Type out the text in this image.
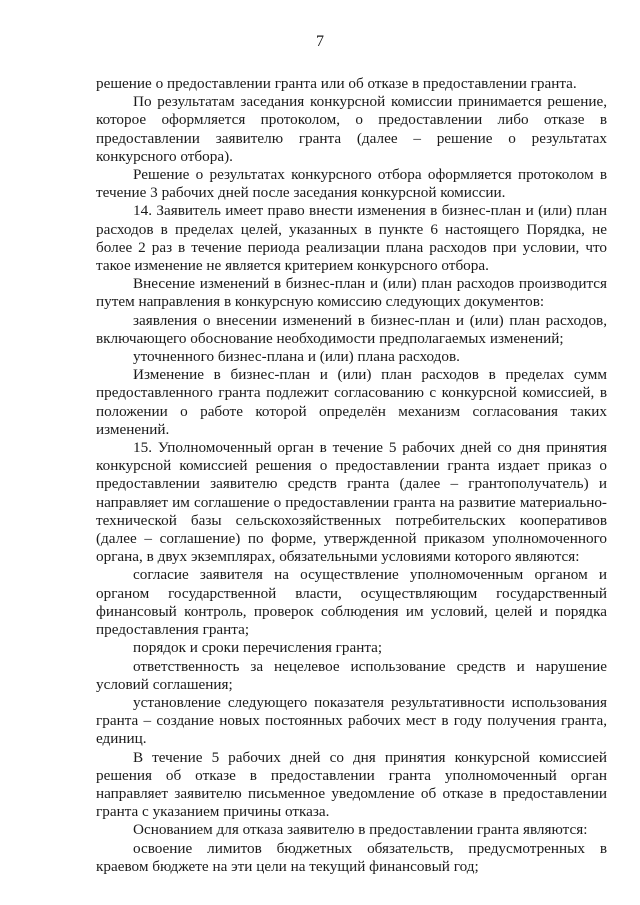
7

решение о предоставлении гранта или об отказе в предоставлении гранта.

По результатам заседания конкурсной комиссии принимается решение, которое оформляется протоколом, о предоставлении либо отказе в предоставлении заявителю гранта (далее – решение о результатах конкурсного отбора).

Решение о результатах конкурсного отбора оформляется протоколом в течение 3 рабочих дней после заседания конкурсной комиссии.

14. Заявитель имеет право внести изменения в бизнес-план и (или) план расходов в пределах целей, указанных в пункте 6 настоящего Порядка, не более 2 раз в течение периода реализации плана расходов при условии, что такое изменение не является критерием конкурсного отбора.

Внесение изменений в бизнес-план и (или) план расходов производится путем направления в конкурсную комиссию следующих документов:

заявления о внесении изменений в бизнес-план и (или) план расходов, включающего обоснование необходимости предполагаемых изменений;

уточненного бизнес-плана и (или) плана расходов.

Изменение в бизнес-план и (или) план расходов в пределах сумм предоставленного гранта подлежит согласованию с конкурсной комиссией, в положении о работе которой определён механизм согласования таких изменений.

15. Уполномоченный орган в течение 5 рабочих дней со дня принятия конкурсной комиссией решения о предоставлении гранта издает приказ о предоставлении заявителю средств гранта (далее – грантополучатель) и направляет им соглашение о предоставлении гранта на развитие материально-технической базы сельскохозяйственных потребительских кооперативов (далее – соглашение) по форме, утвержденной приказом уполномоченного органа, в двух экземплярах, обязательными условиями которого являются:

согласие заявителя на осуществление уполномоченным органом и органом государственной власти, осуществляющим государственный финансовый контроль, проверок соблюдения им условий, целей и порядка предоставления гранта;

порядок и сроки перечисления гранта;

ответственность за нецелевое использование средств и нарушение условий соглашения;

установление следующего показателя результативности использования гранта – создание новых постоянных рабочих мест в году получения гранта, единиц.

В течение 5 рабочих дней со дня принятия конкурсной комиссией решения об отказе в предоставлении гранта уполномоченный орган направляет заявителю письменное уведомление об отказе в предоставлении гранта с указанием причины отказа.

Основанием для отказа заявителю в предоставлении гранта являются:

освоение лимитов бюджетных обязательств, предусмотренных в краевом бюджете на эти цели на текущий финансовый год;
